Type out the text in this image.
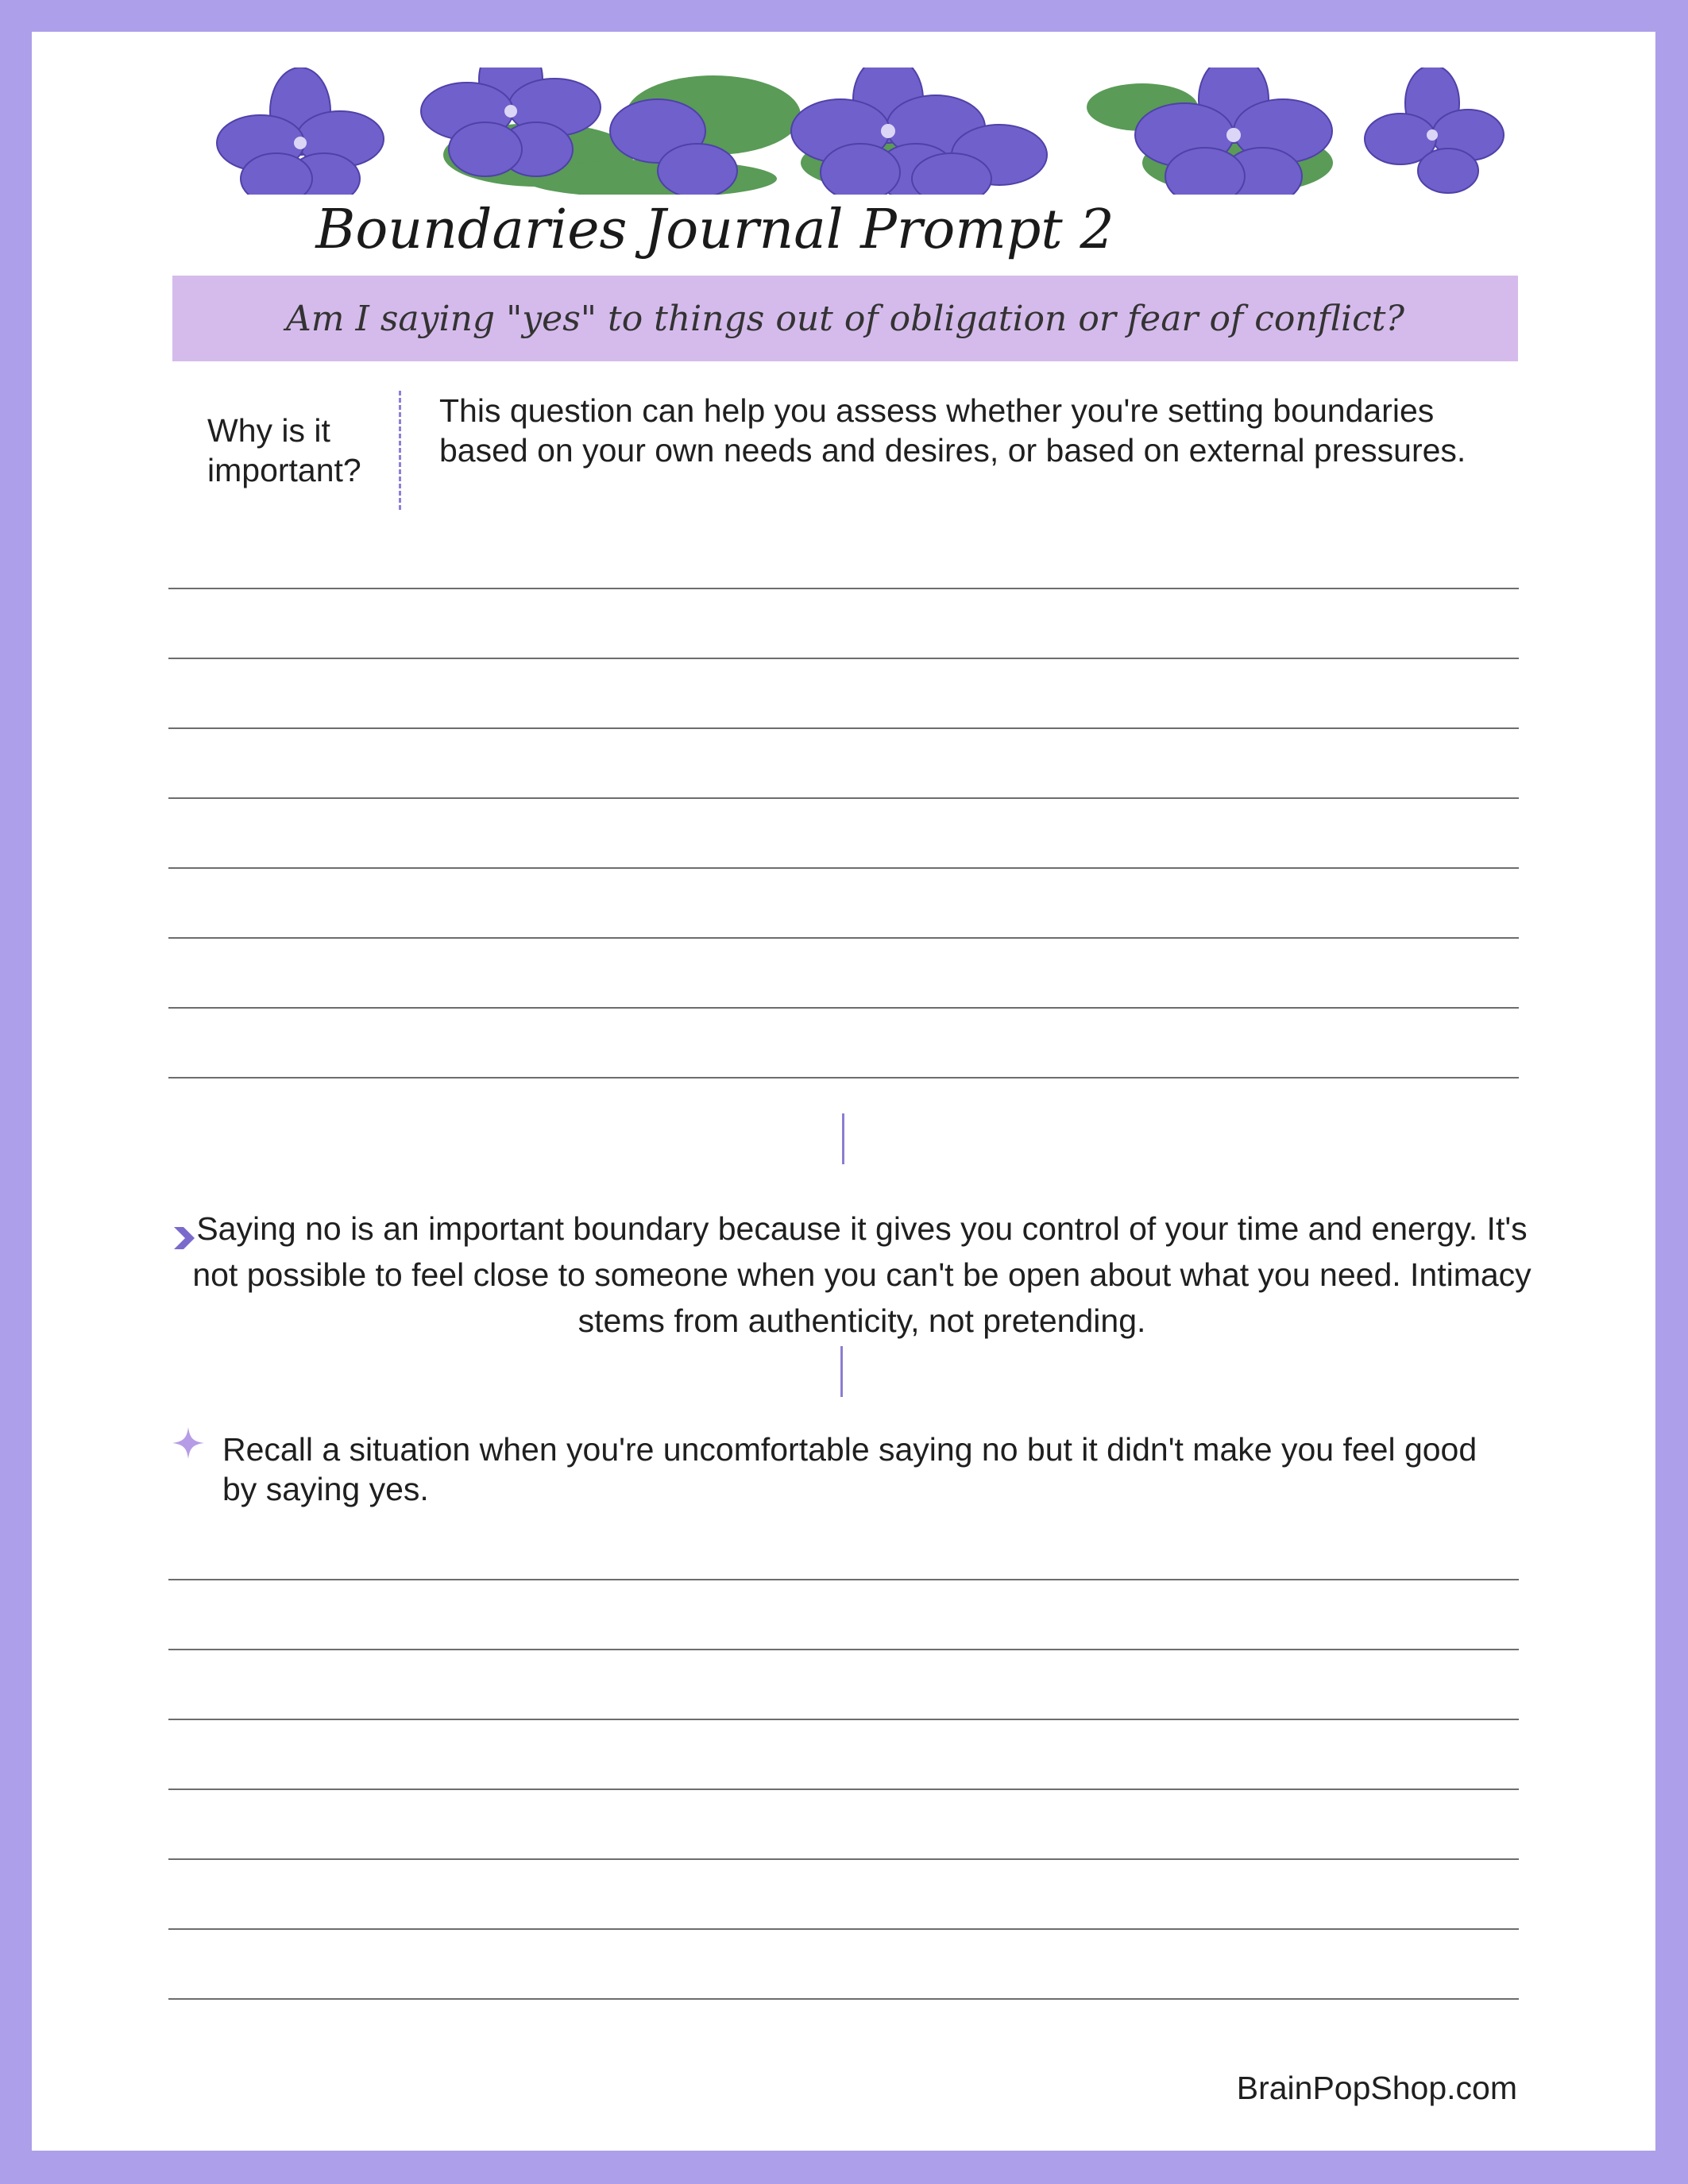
Boundaries Journal Prompt 2
Am I saying "yes" to things out of obligation or fear of conflict?
Why is it
important?
This question can help you assess whether you're setting boundaries based on your own needs and desires, or based on external pressures.
Saying no is an important boundary because it gives you control of your time and energy. It's not possible to feel close to someone when you can't be open about what you need. Intimacy stems from authenticity, not pretending.
Recall a situation when you're uncomfortable saying no but it didn't make you feel good by saying yes.
BrainPopShop.com
